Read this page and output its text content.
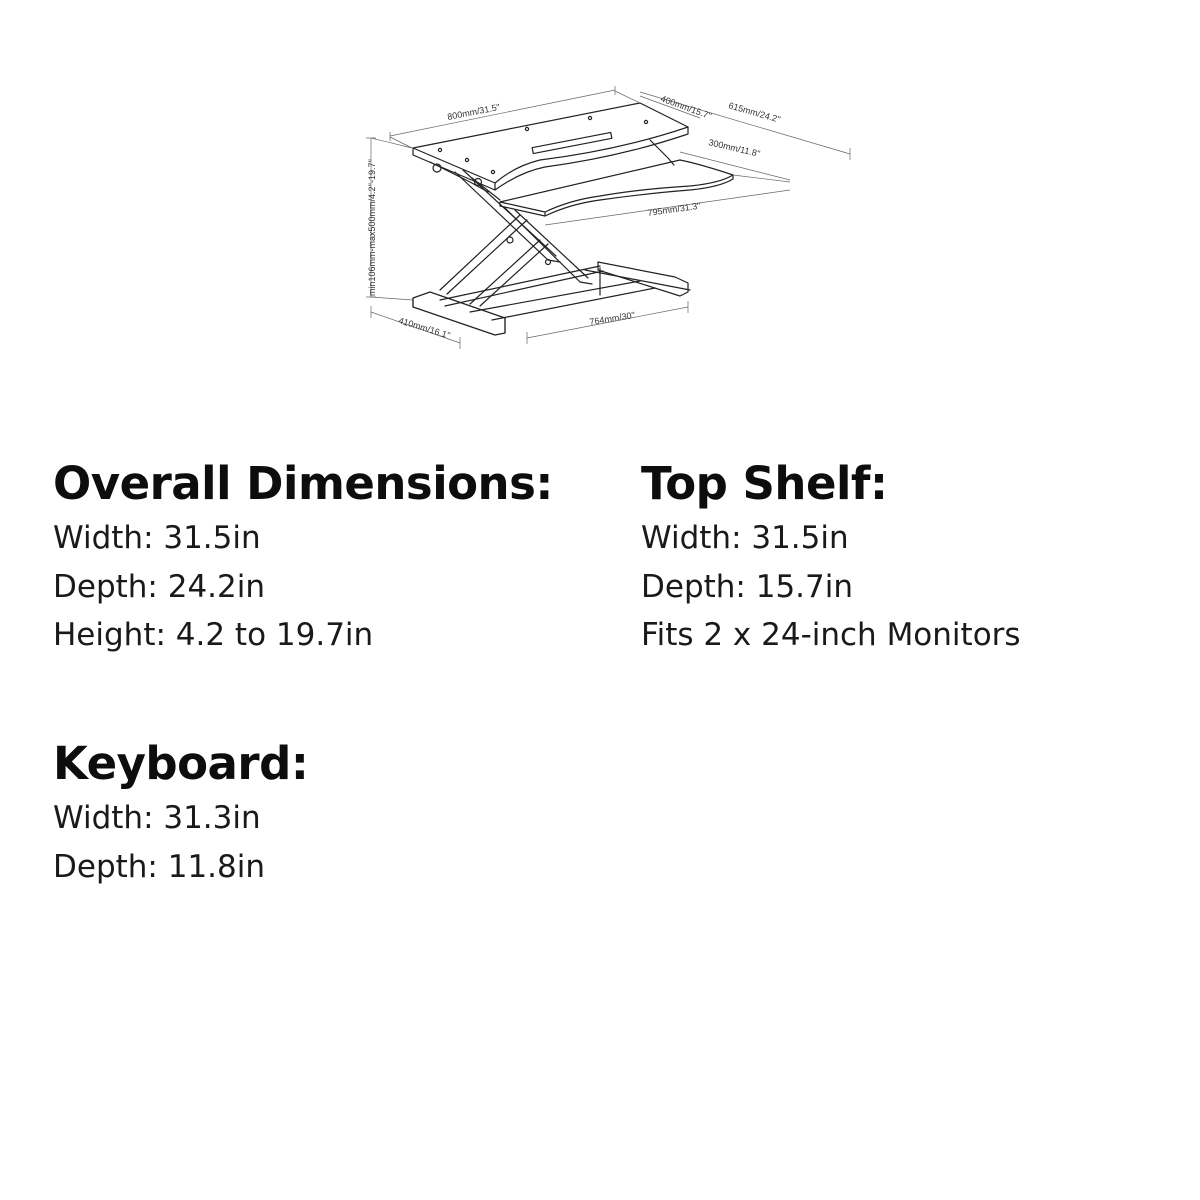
800mm/31.5''	400mm/15.7'' 615mm/24.2''
300mm/11.8''
795mm/31.3''
min106mm-max500mm/4.2''-19.7''
410mm/16.1''	764mm/30''
Overall Dimensions:
Width: 31.5in
Depth: 24.2in
Height: 4.2 to 19.7in
Top Shelf:
Width: 31.5in
Depth: 15.7in
Fits 2 x 24-inch Monitors
Keyboard:
Width: 31.3in
Depth: 11.8in
